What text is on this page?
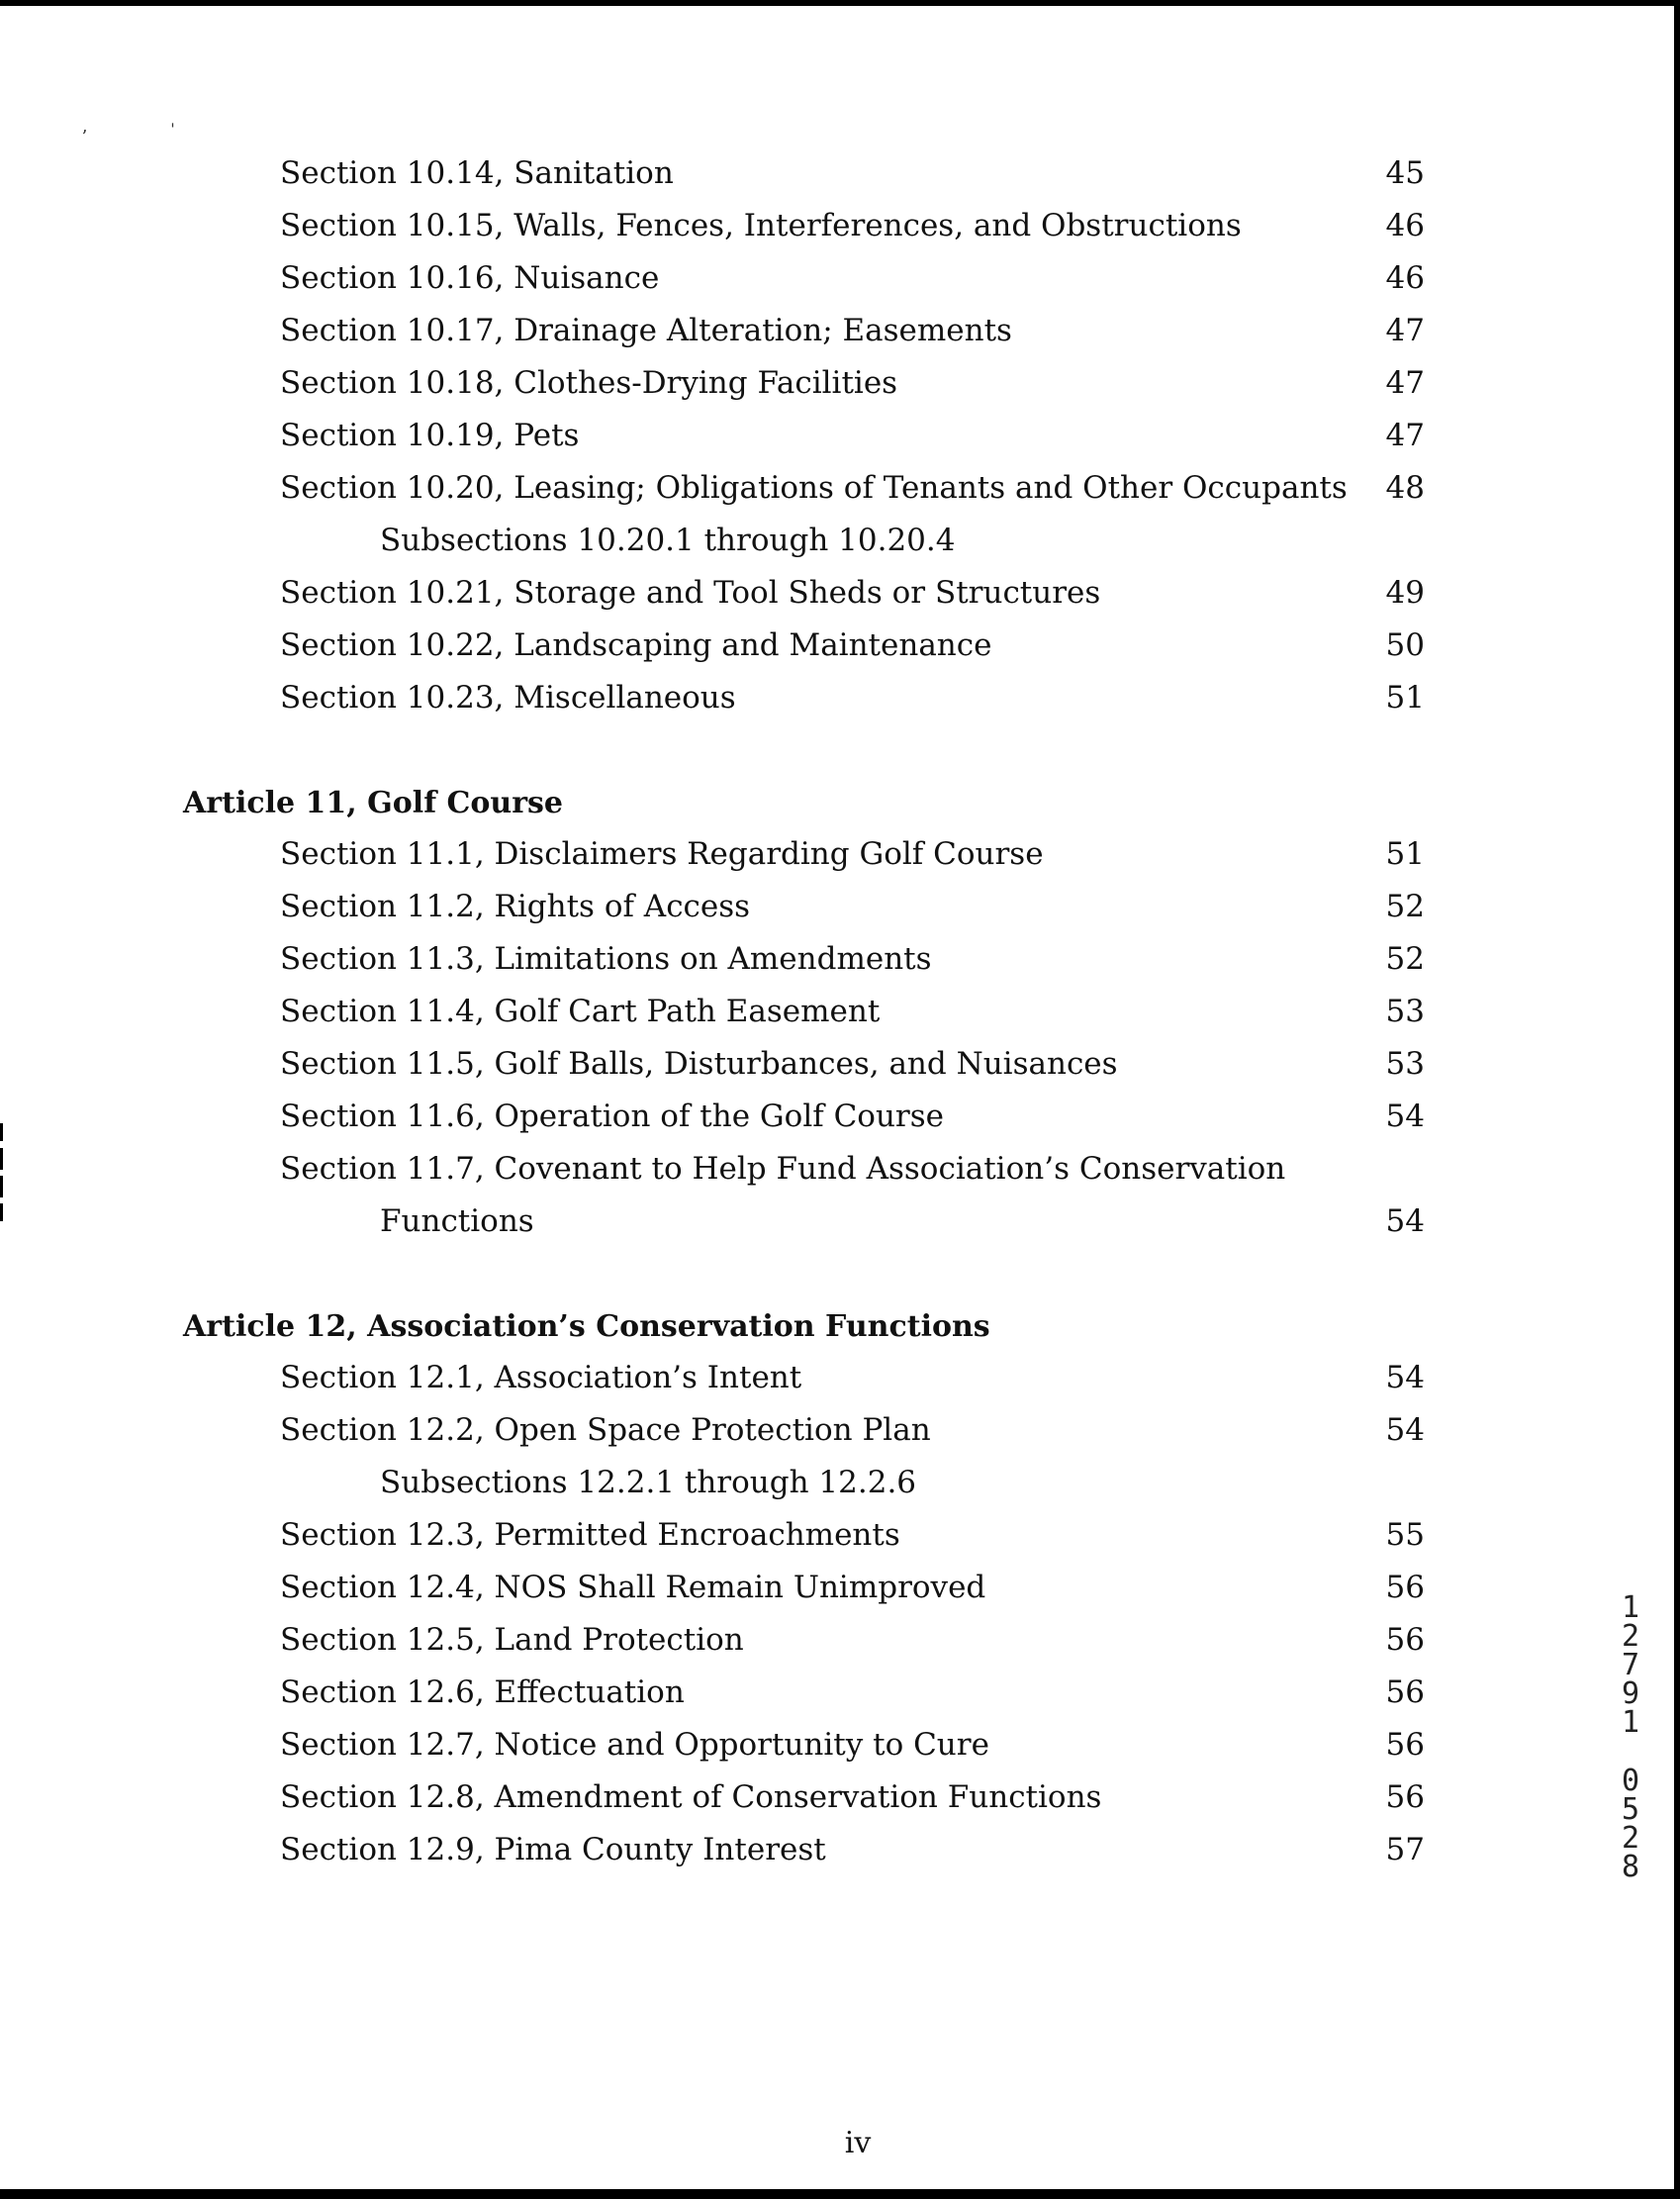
ʼ	ˈ
Section 10.14, Sanitation	45
Section 10.15, Walls, Fences, Interferences, and Obstructions	46
Section 10.16, Nuisance	46
Section 10.17, Drainage Alteration; Easements	47
Section 10.18, Clothes-Drying Facilities	47
Section 10.19, Pets	47
Section 10.20, Leasing; Obligations of Tenants and Other Occupants	48
Subsections 10.20.1 through 10.20.4
Section 10.21, Storage and Tool Sheds or Structures	49
Section 10.22, Landscaping and Maintenance	50
Section 10.23, Miscellaneous	51
Article 11, Golf Course
Section 11.1, Disclaimers Regarding Golf Course	51
Section 11.2, Rights of Access	52
Section 11.3, Limitations on Amendments	52
Section 11.4, Golf Cart Path Easement	53
Section 11.5, Golf Balls, Disturbances, and Nuisances	53
Section 11.6, Operation of the Golf Course	54
Section 11.7, Covenant to Help Fund Association’s Conservation
Functions	54
Article 12, Association’s Conservation Functions
Section 12.1, Association’s Intent	54
Section 12.2, Open Space Protection Plan	54
Subsections 12.2.1 through 12.2.6
Section 12.3, Permitted Encroachments	55
Section 12.4, NOS Shall Remain Unimproved	56
Section 12.5, Land Protection	56
Section 12.6, Effectuation	56
Section 12.7, Notice and Opportunity to Cure	56
Section 12.8, Amendment of Conservation Functions	56
Section 12.9, Pima County Interest	57
1
2
7
9
1
0
5
2
8
iv
